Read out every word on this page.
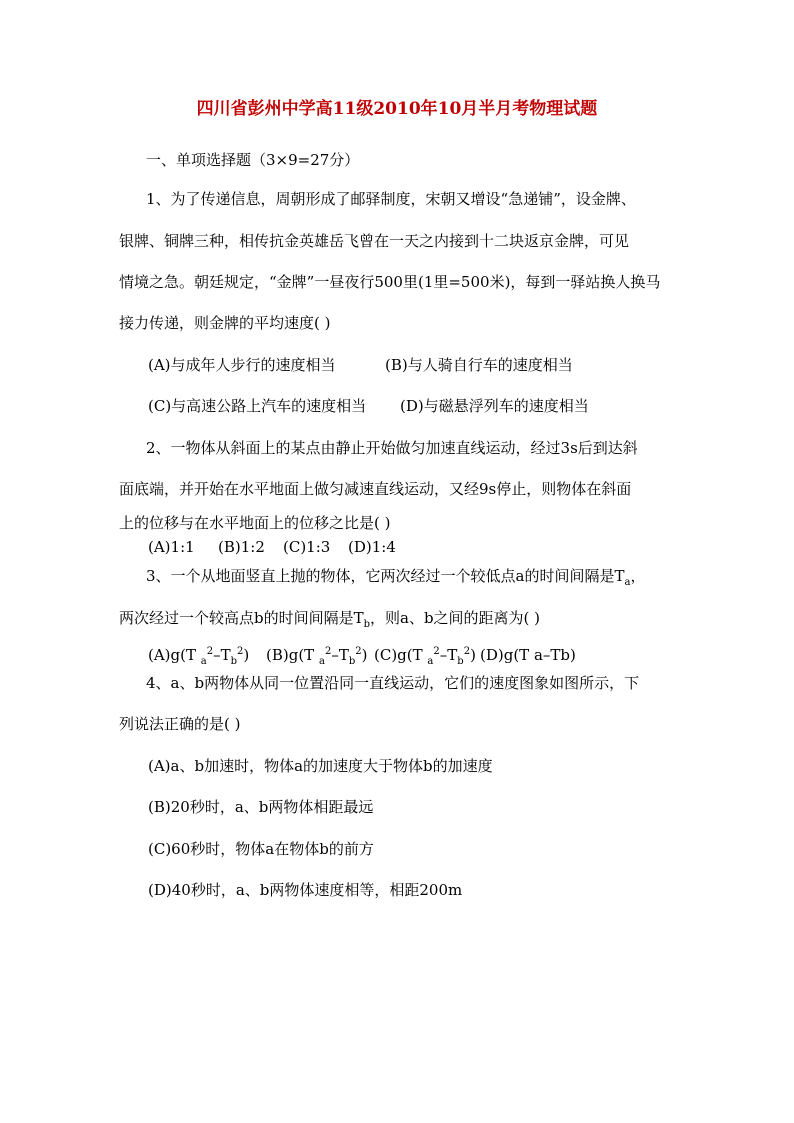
四川省彭州中学高11级2010年10月半月考物理试题
一、单项选择题（3×9=27分）
1、为了传递信息，周朝形成了邮驿制度，宋朝又增设“急递铺”，设金牌、
银牌、铜牌三种，相传抗金英雄岳飞曾在一天之内接到十二块返京金牌，可见
情境之急。朝廷规定，“金牌”一昼夜行500里(1里=500米)，每到一驿站换人换马
接力传递，则金牌的平均速度( )
(A)与成年人步行的速度相当	(B)与人骑自行车的速度相当
(C)与高速公路上汽车的速度相当 (D)与磁悬浮列车的速度相当
2、一物体从斜面上的某点由静止开始做匀加速直线运动，经过3s后到达斜
面底端，并开始在水平地面上做匀减速直线运动，又经9s停止，则物体在斜面
上的位移与在水平地面上的位移之比是( )
(A)1:1 (B)1:2 (C)1:3 (D)1:4
3、一个从地面竖直上抛的物体，它两次经过一个较低点a的时间间隔是$T_a$，
两次经过一个较高点b的时间间隔是$T_b$，则a、b之间的距离为( )
(A)g(T $_a^2-T_b^2$) (B)g(T $_a^2-T_b^2$) (C)g(T $_a^2-T_b^2$) (D)g(T a–Tb)
4、a、b两物体从同一位置沿同一直线运动，它们的速度图象如图所示，下
列说法正确的是( )
(A)a、b加速时，物体a的加速度大于物体b的加速度
(B)20秒时，a、b两物体相距最远
(C)60秒时，物体a在物体b的前方
(D)40秒时，a、b两物体速度相等，相距200m
